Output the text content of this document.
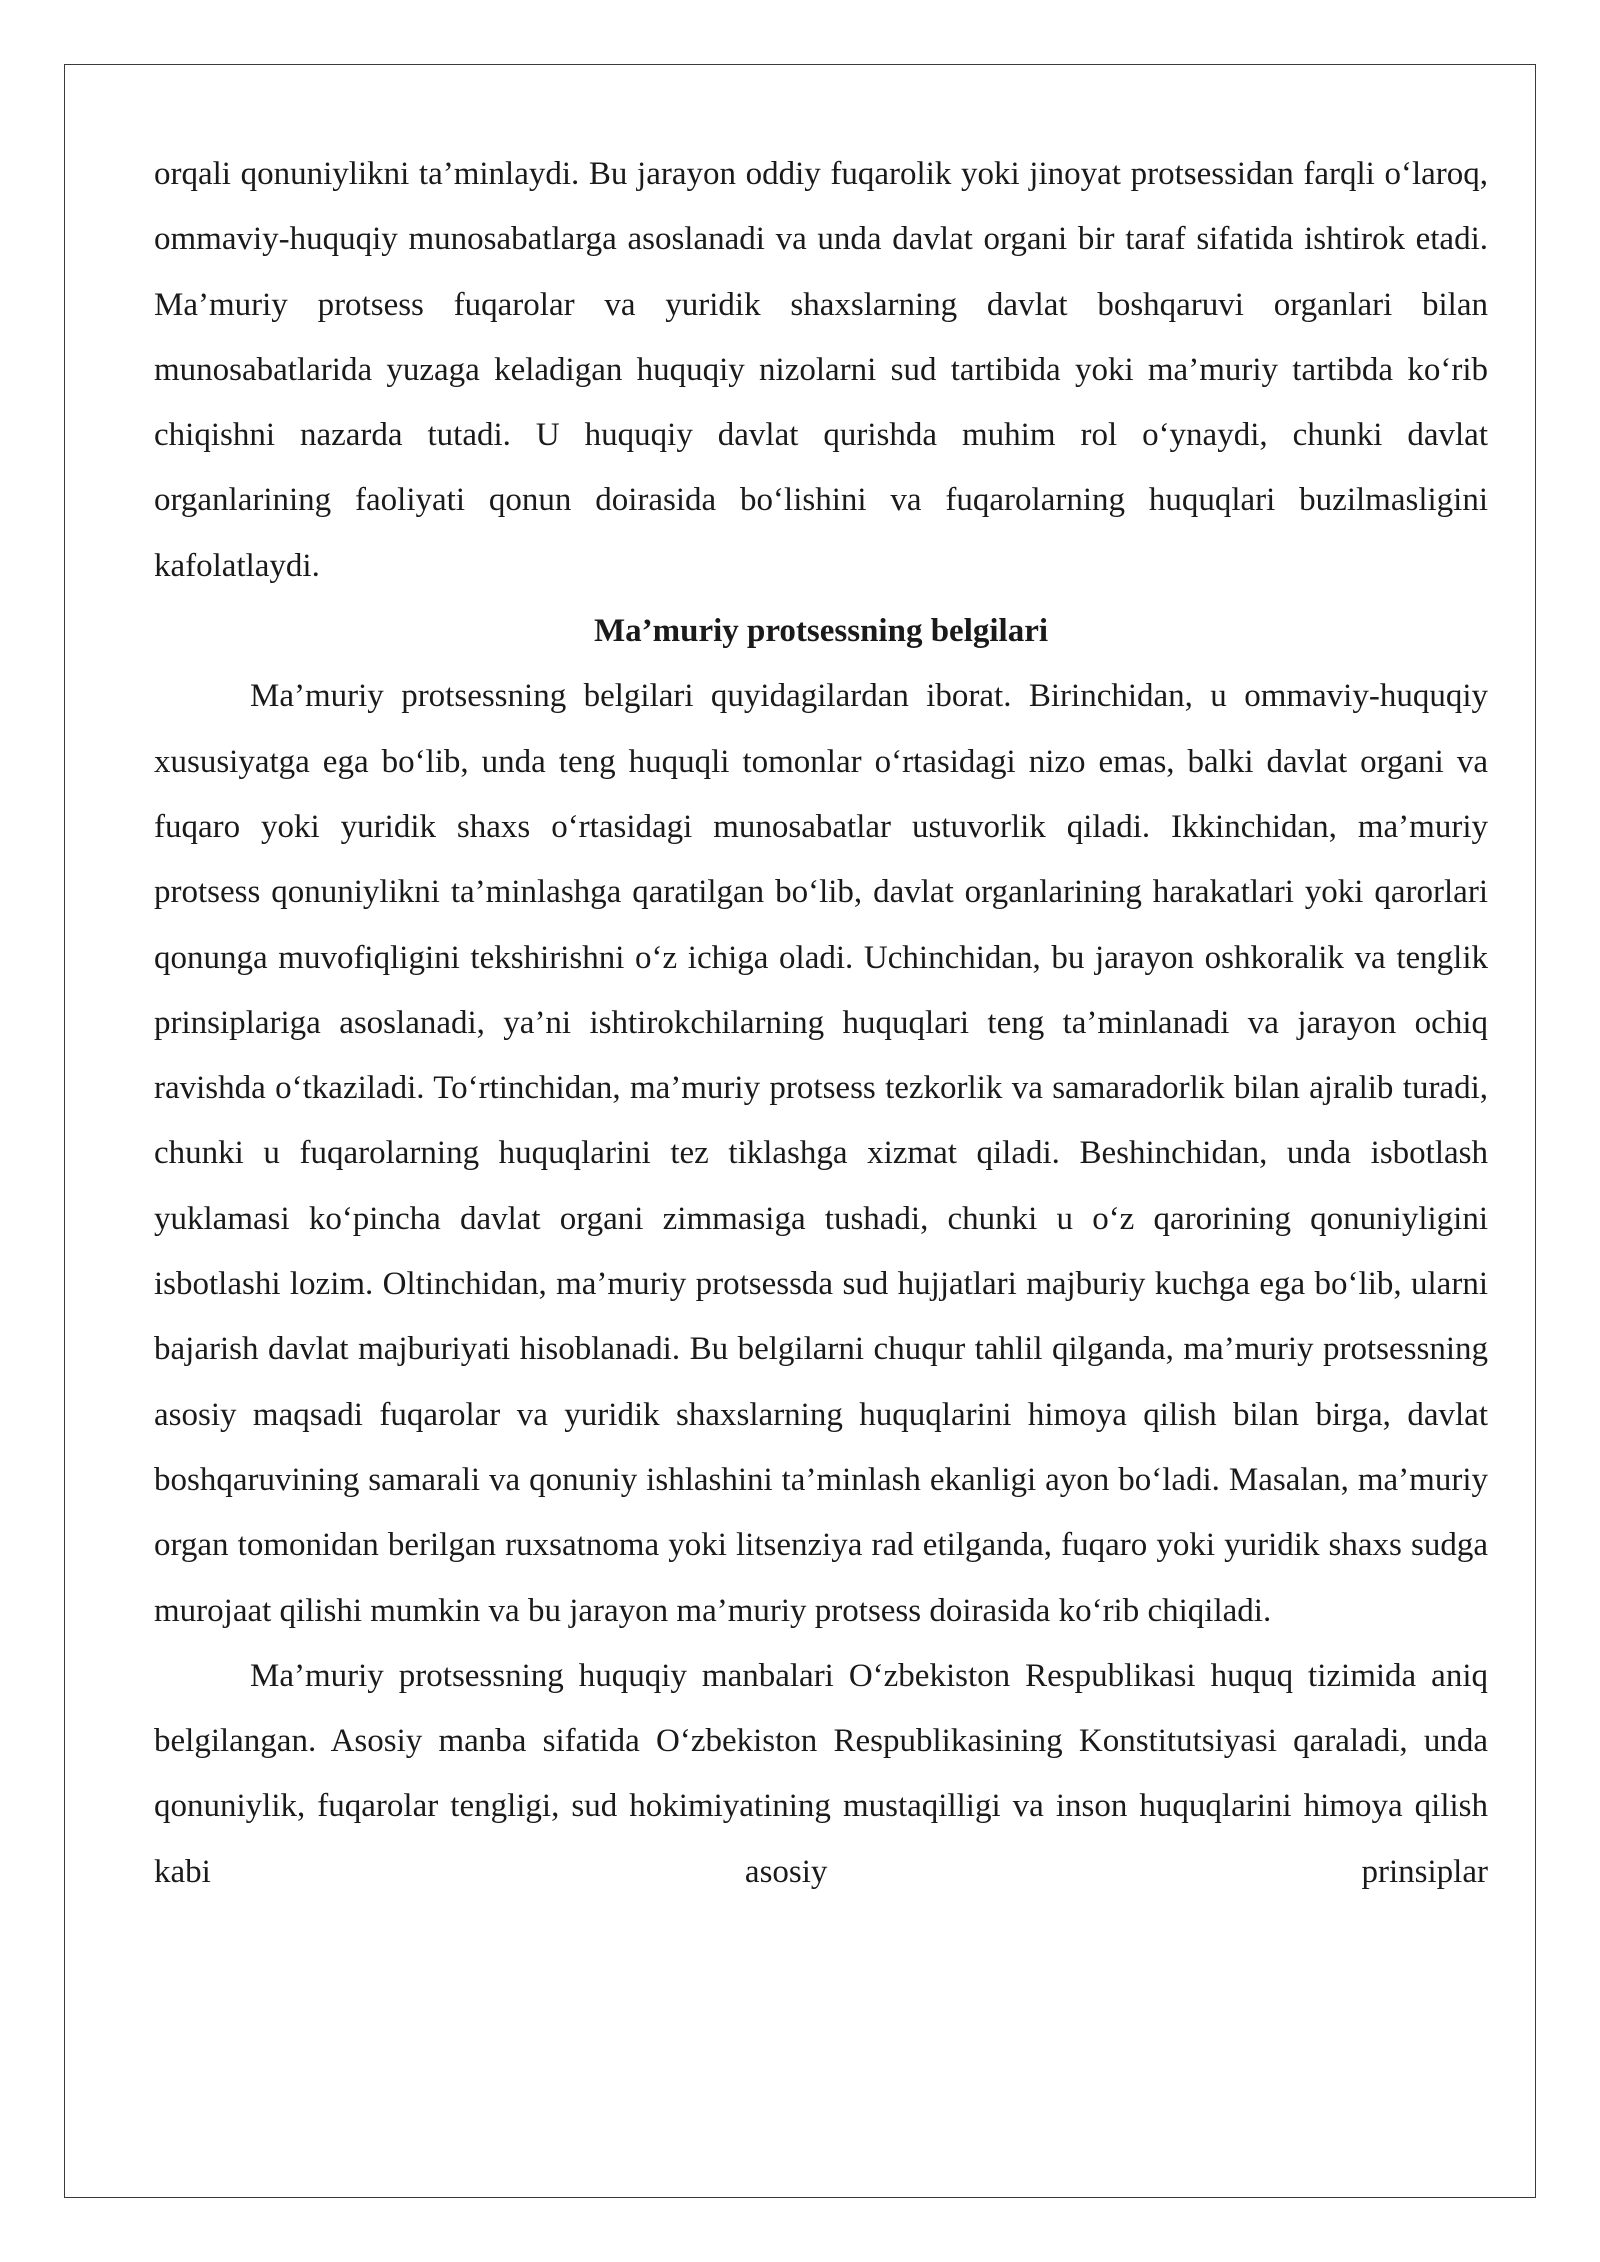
orqali qonuniylikni ta’minlaydi. Bu jarayon oddiy fuqarolik yoki jinoyat protsessidan farqli oʻlaroq, ommaviy-huquqiy munosabatlarga asoslanadi va unda davlat organi bir taraf sifatida ishtirok etadi. Ma’muriy protsess fuqarolar va yuridik shaxslarning davlat boshqaruvi organlari bilan munosabatlarida yuzaga keladigan huquqiy nizolarni sud tartibida yoki ma’muriy tartibda koʻrib chiqishni nazarda tutadi. U huquqiy davlat qurishda muhim rol oʻynaydi, chunki davlat organlarining faoliyati qonun doirasida boʻlishini va fuqarolarning huquqlari buzilmasligini kafolatlaydi.

Ma’muriy protsessning belgilari

Ma’muriy protsessning belgilari quyidagilardan iborat. Birinchidan, u ommaviy-huquqiy xususiyatga ega boʻlib, unda teng huquqli tomonlar oʻrtasidagi nizo emas, balki davlat organi va fuqaro yoki yuridik shaxs oʻrtasidagi munosabatlar ustuvorlik qiladi. Ikkinchidan, ma’muriy protsess qonuniylikni ta’minlashga qaratilgan boʻlib, davlat organlarining harakatlari yoki qarorlari qonunga muvofiqligini tekshirishni oʻz ichiga oladi. Uchinchidan, bu jarayon oshkoralik va tenglik prinsiplariga asoslanadi, ya’ni ishtirokchilarning huquqlari teng ta’minlanadi va jarayon ochiq ravishda oʻtkaziladi. Toʻrtinchidan, ma’muriy protsess tezkorlik va samaradorlik bilan ajralib turadi, chunki u fuqarolarning huquqlarini tez tiklashga xizmat qiladi. Beshinchidan, unda isbotlash yuklamasi koʻpincha davlat organi zimmasiga tushadi, chunki u oʻz qarorining qonuniyligini isbotlashi lozim. Oltinchidan, ma’muriy protsessda sud hujjatlari majburiy kuchga ega boʻlib, ularni bajarish davlat majburiyati hisoblanadi. Bu belgilarni chuqur tahlil qilganda, ma’muriy protsessning asosiy maqsadi fuqarolar va yuridik shaxslarning huquqlarini himoya qilish bilan birga, davlat boshqaruvining samarali va qonuniy ishlashini ta’minlash ekanligi ayon boʻladi. Masalan, ma’muriy organ tomonidan berilgan ruxsatnoma yoki litsenziya rad etilganda, fuqaro yoki yuridik shaxs sudga murojaat qilishi mumkin va bu jarayon ma’muriy protsess doirasida koʻrib chiqiladi.

Ma’muriy protsessning huquqiy manbalari Oʻzbekiston Respublikasi huquq tizimida aniq belgilangan. Asosiy manba sifatida Oʻzbekiston Respublikasining Konstitutsiyasi qaraladi, unda qonuniylik, fuqarolar tengligi, sud hokimiyatining mustaqilligi va inson huquqlarini himoya qilish kabi asosiy prinsiplar
